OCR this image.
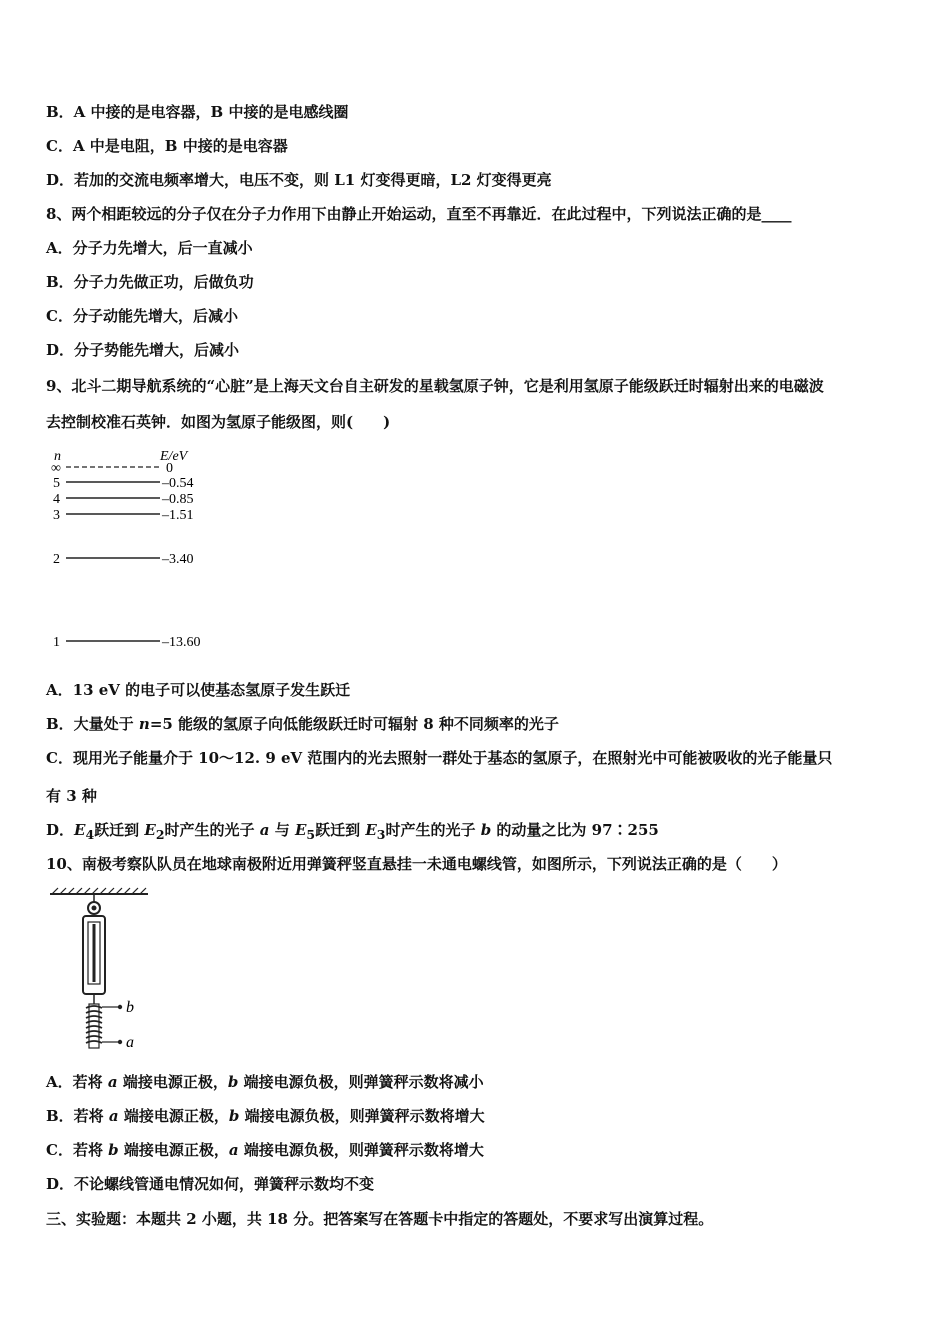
B．A 中接的是电容器，B 中接的是电感线圈
C．A 中是电阻，B 中接的是电容器
D．若加的交流电频率增大，电压不变，则 L1 灯变得更暗，L2 灯变得更亮
8、两个相距较远的分子仅在分子力作用下由静止开始运动，直至不再靠近．在此过程中，下列说法正确的是____
A．分子力先增大，后一直减小
B．分子力先做正功，后做负功
C．分子动能先增大，后减小
D．分子势能先增大，后减小
9、北斗二期导航系统的“心脏”是上海天文台自主研发的星载氢原子钟，它是利用氢原子能级跃迁时辐射出来的电磁波
去控制校准石英钟．如图为氢原子能级图，则(　　)
n	E/eV
∞	0
5	–0.54
4	–0.85
3	–1.51
2	–3.40
1	–13.60
A．13 eV 的电子可以使基态氢原子发生跃迁
B．大量处于 n=5 能级的氢原子向低能级跃迁时可辐射 8 种不同频率的光子
C．现用光子能量介于 10～12. 9 eV 范围内的光去照射一群处于基态的氢原子，在照射光中可能被吸收的光子能量只
有 3 种
D．$E_4$跃迁到 $E_2$时产生的光子 a 与 $E_5$跃迁到 $E_3$时产生的光子 b 的动量之比为 97∶255
10、南极考察队队员在地球南极附近用弹簧秤竖直悬挂一未通电螺线管，如图所示，下列说法正确的是（　　）
b
a
A．若将 a 端接电源正极，b 端接电源负极，则弹簧秤示数将减小
B．若将 a 端接电源正极，b 端接电源负极，则弹簧秤示数将增大
C．若将 b 端接电源正极，a 端接电源负极，则弹簧秤示数将增大
D．不论螺线管通电情况如何，弹簧秤示数均不变
三、实验题：本题共 2 小题，共 18 分。把答案写在答题卡中指定的答题处，不要求写出演算过程。
